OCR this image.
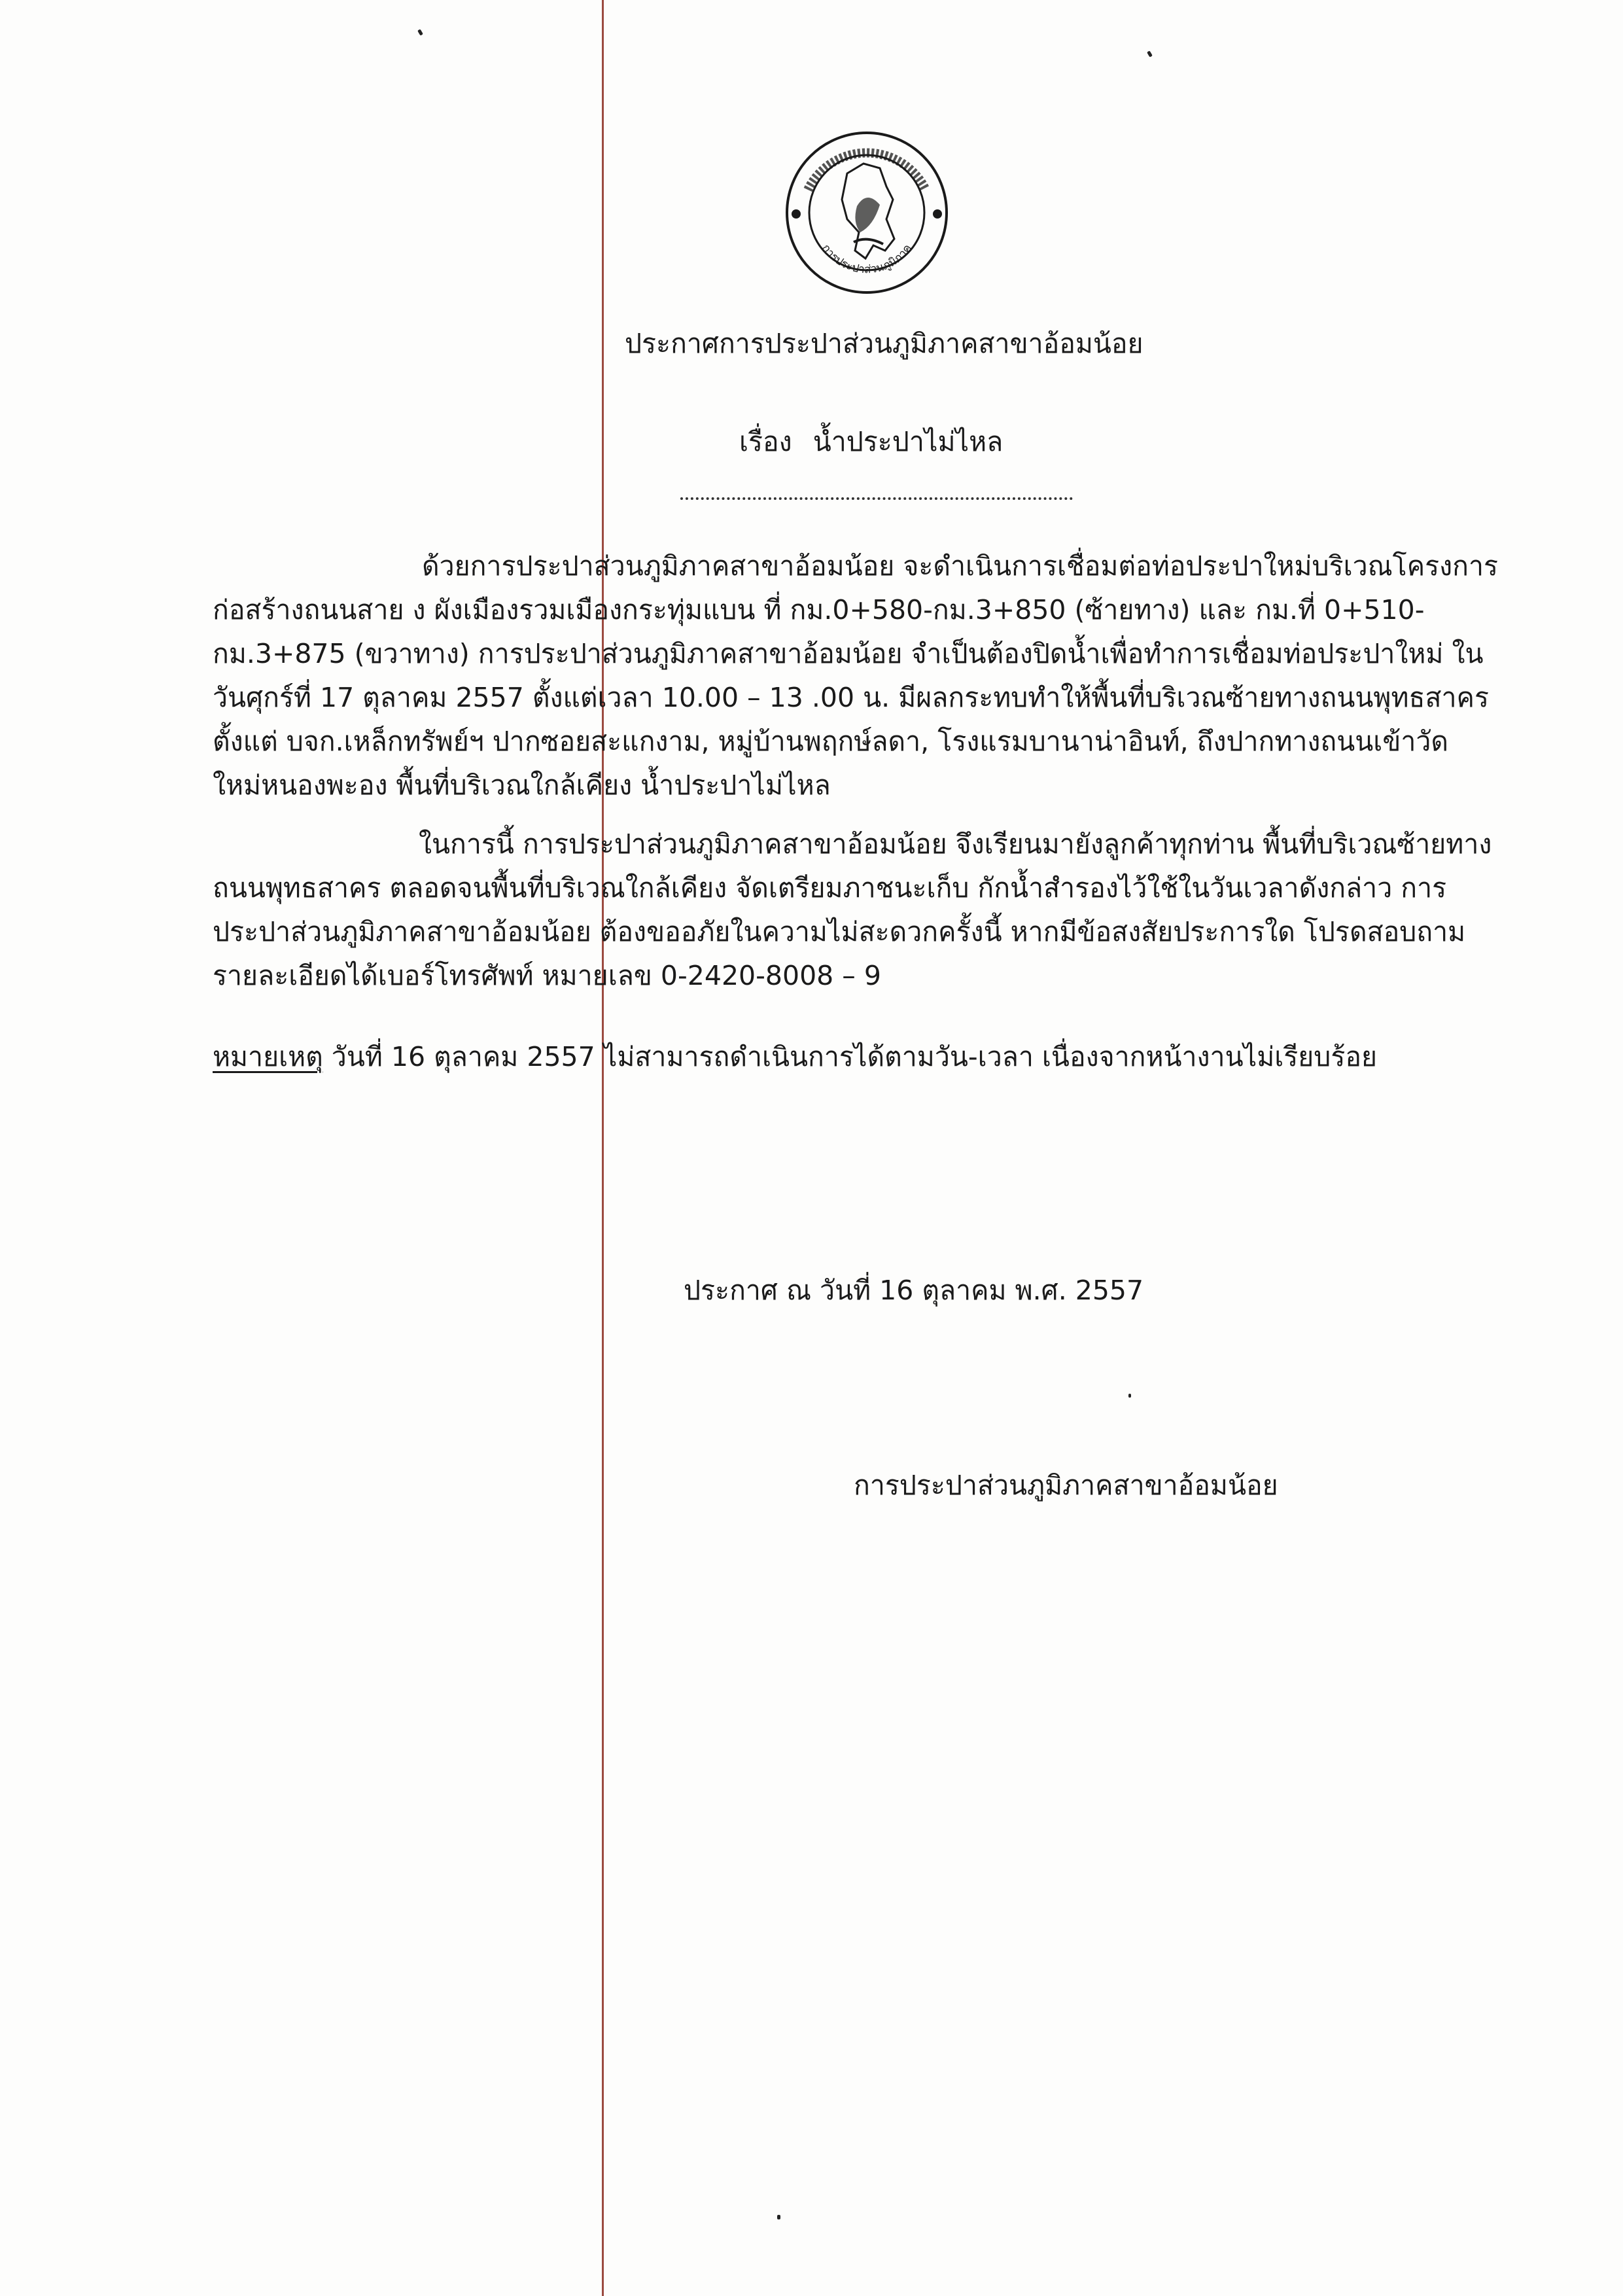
การประปาส่วนภูมิภาค
ประกาศการประปาส่วนภูมิภาคสาขาอ้อมน้อย
เรื่อง น้ำประปาไม่ไหล
ด้วยการประปาส่วนภูมิภาคสาขาอ้อมน้อย จะดำเนินการเชื่อมต่อท่อประปาใหม่บริเวณโครงการ
ก่อสร้างถนนสาย ง ผังเมืองรวมเมืองกระทุ่มแบน ที่ กม.0+580-กม.3+850 (ซ้ายทาง) และ กม.ที่ 0+510-
กม.3+875 (ขวาทาง) การประปาส่วนภูมิภาคสาขาอ้อมน้อย จำเป็นต้องปิดน้ำเพื่อทำการเชื่อมท่อประปาใหม่ ใน
วันศุกร์ที่ 17 ตุลาคม 2557 ตั้งแต่เวลา 10.00 – 13 .00 น. มีผลกระทบทำให้พื้นที่บริเวณซ้ายทางถนนพุทธสาคร
ตั้งแต่ บจก.เหล็กทรัพย์ฯ ปากซอยสะแกงาม, หมู่บ้านพฤกษ์ลดา, โรงแรมบานาน่าอินท์, ถึงปากทางถนนเข้าวัด
ใหม่หนองพะอง พื้นที่บริเวณใกล้เคียง น้ำประปาไม่ไหล
ในการนี้ การประปาส่วนภูมิภาคสาขาอ้อมน้อย จึงเรียนมายังลูกค้าทุกท่าน พื้นที่บริเวณซ้ายทาง
ถนนพุทธสาคร ตลอดจนพื้นที่บริเวณใกล้เคียง จัดเตรียมภาชนะเก็บ กักน้ำสำรองไว้ใช้ในวันเวลาดังกล่าว การ
ประปาส่วนภูมิภาคสาขาอ้อมน้อย ต้องขออภัยในความไม่สะดวกครั้งนี้ หากมีข้อสงสัยประการใด โปรดสอบถาม
รายละเอียดได้เบอร์โทรศัพท์ หมายเลข 0-2420-8008 – 9
หมายเหตุ วันที่ 16 ตุลาคม 2557 ไม่สามารถดำเนินการได้ตามวัน-เวลา เนื่องจากหน้างานไม่เรียบร้อย
ประกาศ ณ วันที่ 16 ตุลาคม พ.ศ. 2557
การประปาส่วนภูมิภาคสาขาอ้อมน้อย
